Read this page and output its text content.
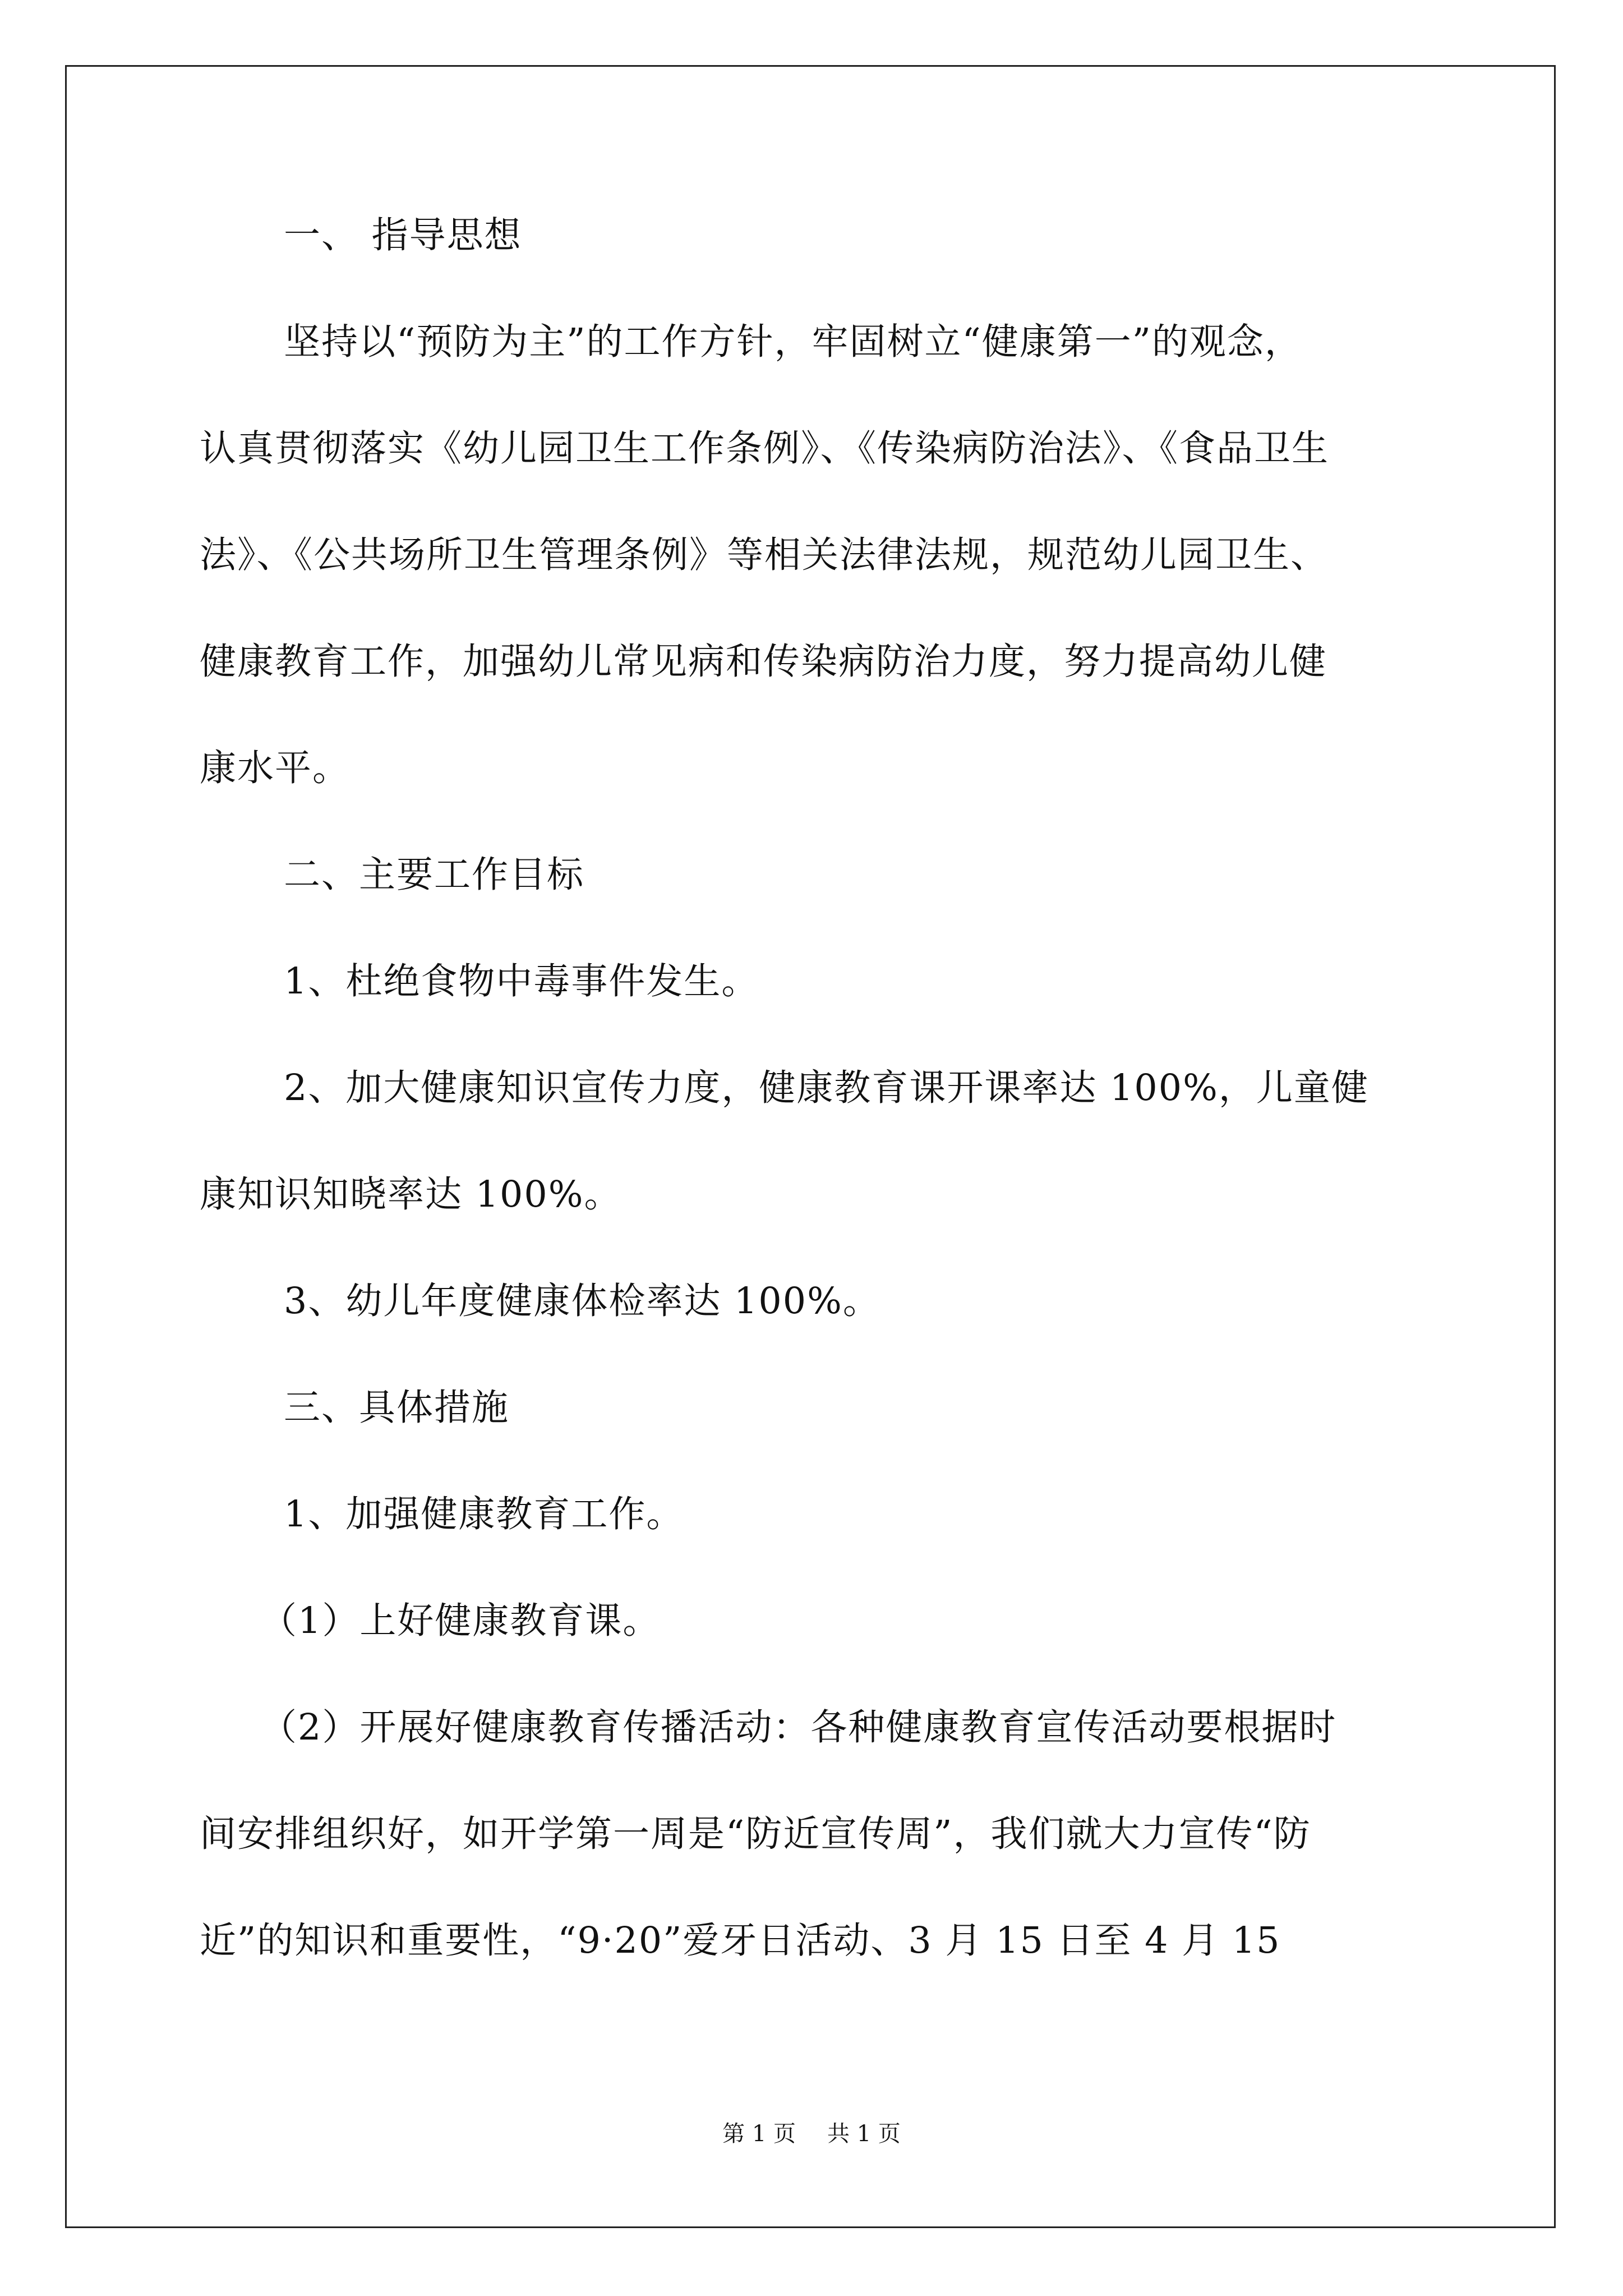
一、 指导思想
坚持以“预防为主”的工作方针，牢固树立“健康第一”的观念，
认真贯彻落实《幼儿园卫生工作条例》、《传染病防治法》、《食品卫生
法》、《公共场所卫生管理条例》等相关法律法规，规范幼儿园卫生、
健康教育工作，加强幼儿常见病和传染病防治力度，努力提高幼儿健
康水平。
二、主要工作目标
1、杜绝食物中毒事件发生。
2、加大健康知识宣传力度，健康教育课开课率达 100%，儿童健
康知识知晓率达 100%。
3、幼儿年度健康体检率达 100%。
三、具体措施
1、加强健康教育工作。
（1）上好健康教育课。
（2）开展好健康教育传播活动：各种健康教育宣传活动要根据时
间安排组织好，如开学第一周是“防近宣传周”，我们就大力宣传“防
近”的知识和重要性，“9·20”爱牙日活动、3 月 15 日至 4 月 15
第 1 页 共 1 页
